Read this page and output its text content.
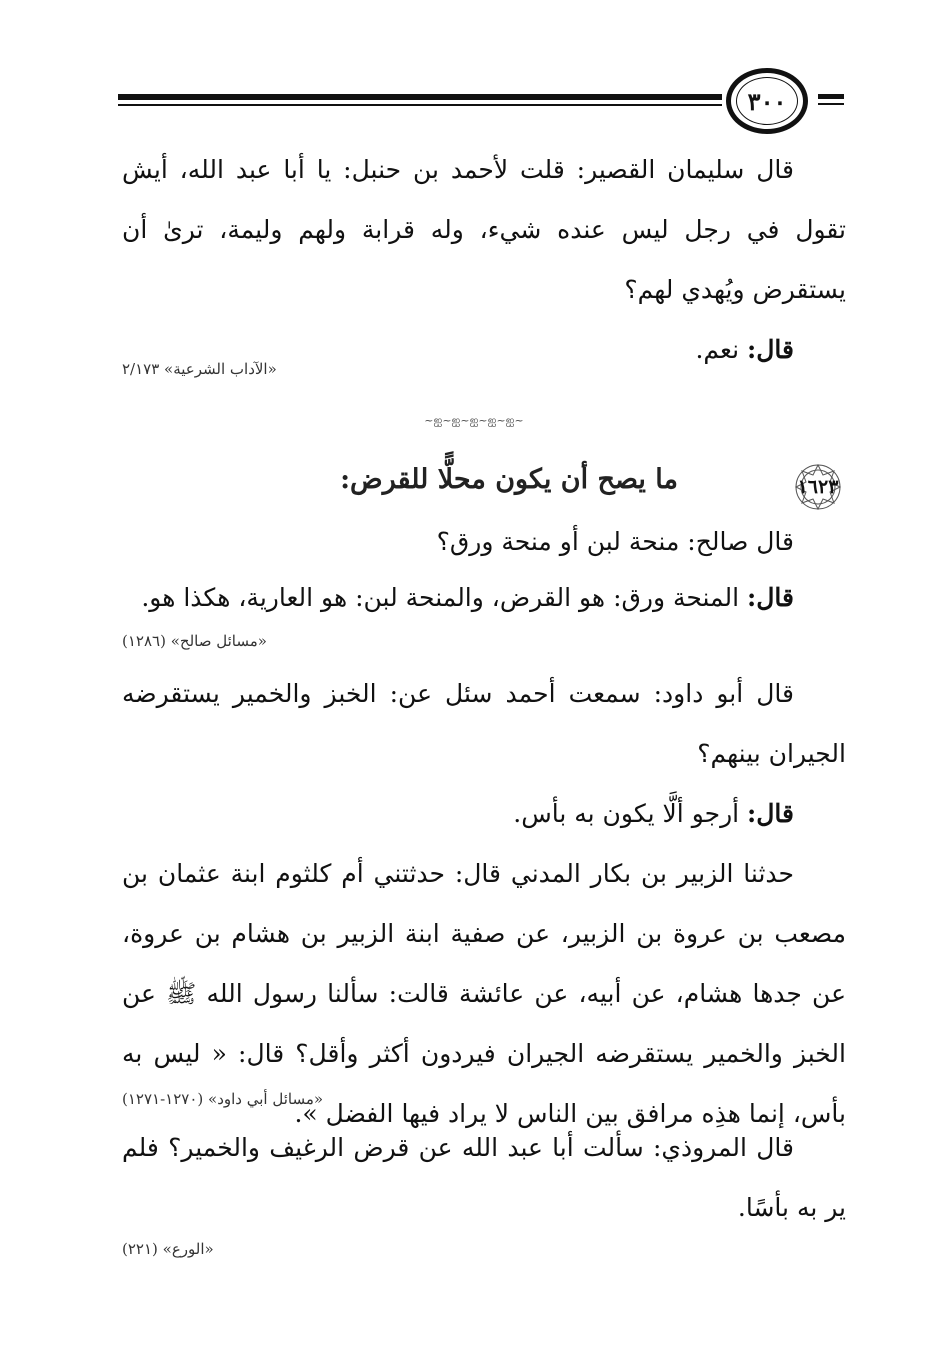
٣٠٠

قال سليمان القصير: قلت لأحمد بن حنبل: يا أبا عبد الله، أيش تقول في رجل ليس عنده شيء، وله قرابة ولهم وليمة، ترىٰ أن يستقرض ويُهدي لهم؟

قال: نعم.

«الآداب الشرعية» ٢/١٧٣
~ஐ~ஐ~ஐ~ஐ~ஐ~
١٦٢٣
ما يصح أن يكون محلًّا للقرض:

قال صالح: منحة لبن أو منحة ورق؟

قال: المنحة ورق: هو القرض، والمنحة لبن: هو العارية، هكذا هو.

«مسائل صالح» (١٢٨٦)

قال أبو داود: سمعت أحمد سئل عن: الخبز والخمير يستقرضه الجيران بينهم؟

قال: أرجو ألَّا يكون به بأس.

حدثنا الزبير بن بكار المدني قال: حدثتني أم كلثوم ابنة عثمان بن مصعب بن عروة بن الزبير، عن صفية ابنة الزبير بن هشام بن عروة، عن جدها هشام، عن أبيه، عن عائشة قالت: سألنا رسول الله ﷺ عن الخبز والخمير يستقرضه الجيران فيردون أكثر وأقل؟ قال: « ليس به بأس، إنما هذِه مرافق بين الناس لا يراد فيها الفضل ».

«مسائل أبي داود» (١٢٧٠-١٢٧١)

قال المروذي: سألت أبا عبد الله عن قرض الرغيف والخمير؟ فلم ير به بأسًا.

«الورع» (٢٢١)
